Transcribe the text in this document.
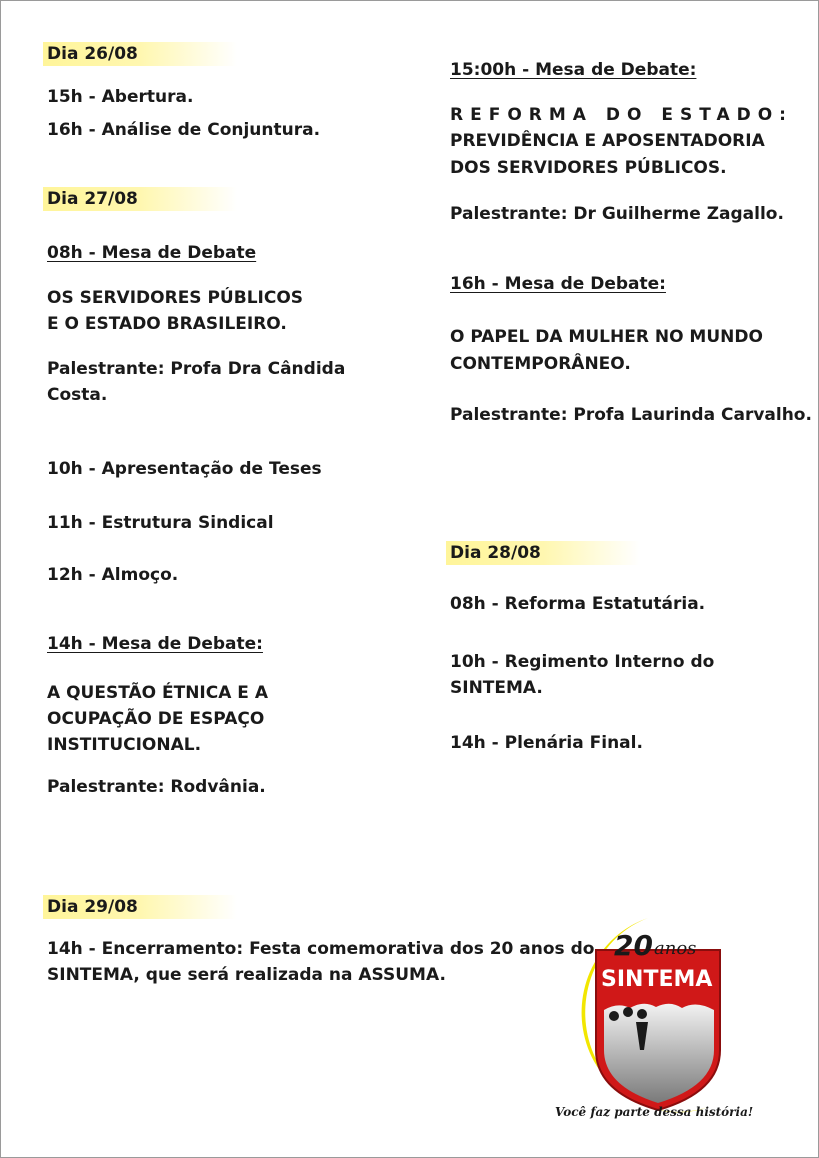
Dia 26/08
15h - Abertura.
16h - Análise de Conjuntura.
Dia 27/08
08h - Mesa de Debate
OS SERVIDORES PÚBLICOS
E O ESTADO BRASILEIRO.
Palestrante: Profa Dra Cândida
Costa.
10h - Apresentação de Teses
11h - Estrutura Sindical
12h - Almoço.
14h - Mesa de Debate:
A QUESTÃO ÉTNICA E A
OCUPAÇÃO DE ESPAÇO
INSTITUCIONAL.
Palestrante: Rodvânia.
15:00h - Mesa de Debate:
REFORMA DO ESTADO:
PREVIDÊNCIA E APOSENTADORIA
DOS SERVIDORES PÚBLICOS.
Palestrante: Dr Guilherme Zagallo.
16h - Mesa de Debate:
O PAPEL DA MULHER NO MUNDO
CONTEMPORÂNEO.
Palestrante: Profa Laurinda Carvalho.
Dia 28/08
08h - Reforma Estatutária.
10h - Regimento Interno do
SINTEMA.
14h - Plenária Final.
Dia 29/08
14h - Encerramento: Festa comemorativa dos 20 anos do
SINTEMA, que será realizada na ASSUMA.
20 anos
SINTEMA
Você faz parte dessa história!
